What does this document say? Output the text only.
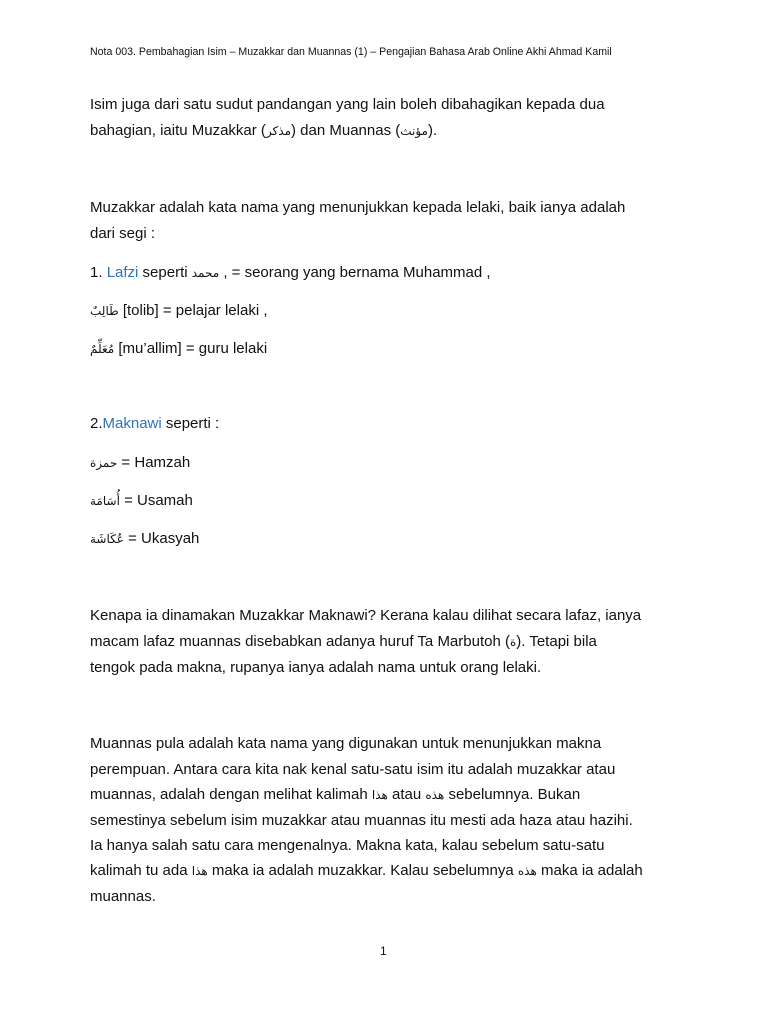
Nota 003. Pembahagian Isim – Muzakkar dan Muannas (1) – Pengajian Bahasa Arab Online Akhi Ahmad Kamil
Isim juga dari satu sudut pandangan yang lain boleh dibahagikan kepada dua
bahagian, iaitu Muzakkar (مذكر) dan Muannas (مؤنث).
Muzakkar adalah kata nama yang menunjukkan kepada lelaki, baik ianya adalah
dari segi :
1. Lafzi seperti محمد , = seorang yang bernama Muhammad ,
طَالِبٌ [tolib] = pelajar lelaki ,
مُعَلِّمٌ [mu’allim] = guru lelaki
2.Maknawi seperti :
حمزة = Hamzah
أُسَامَة = Usamah
عُكَاشَة = Ukasyah
Kenapa ia dinamakan Muzakkar Maknawi? Kerana kalau dilihat secara lafaz, ianya
macam lafaz muannas disebabkan adanya huruf Ta Marbutoh (ة). Tetapi bila
tengok pada makna, rupanya ianya adalah nama untuk orang lelaki.
Muannas pula adalah kata nama yang digunakan untuk menunjukkan makna
perempuan. Antara cara kita nak kenal satu-satu isim itu adalah muzakkar atau
muannas, adalah dengan melihat kalimah هذا atau هذه sebelumnya. Bukan
semestinya sebelum isim muzakkar atau muannas itu mesti ada haza atau hazihi.
Ia hanya salah satu cara mengenalnya. Makna kata, kalau sebelum satu-satu
kalimah tu ada هذا maka ia adalah muzakkar. Kalau sebelumnya هذه maka ia adalah
muannas.
1
